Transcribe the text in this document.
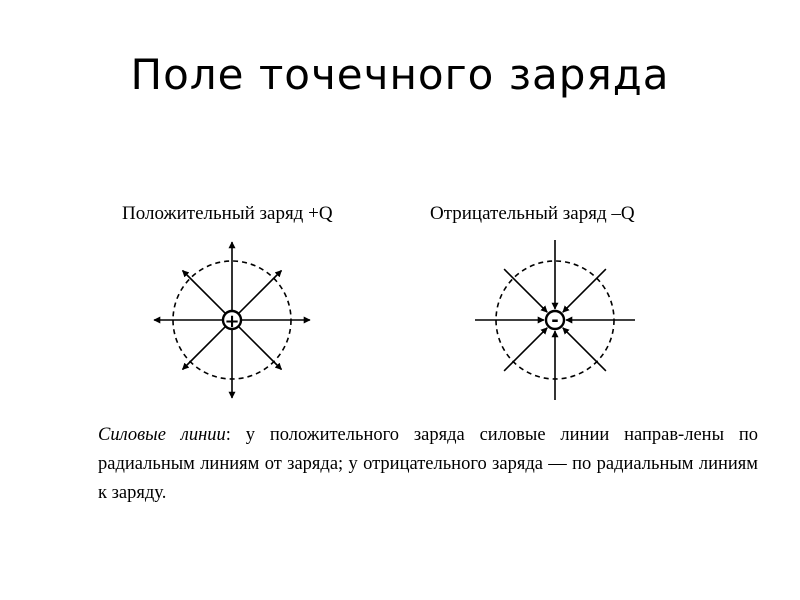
Поле точечного заряда
Положительный заряд +Q	Отрицательный заряд –Q
+	-
Силовые линии: у положительного заряда силовые линии направ-лены по радиальным линиям от заряда; у отрицательного заряда — по радиальным линиям к заряду.
